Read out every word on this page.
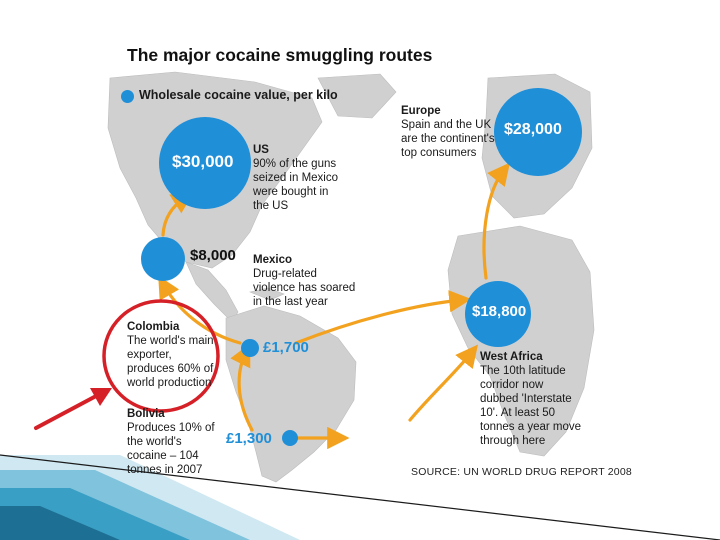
The major cocaine smuggling routes
Wholesale cocaine value, per kilo
$30,000
$18,800
$28,000
$8,000
£1,700
£1,300
US
90% of the guns
seized in Mexico
were bought in
the US
Mexico
Drug-related
violence has soared
in the last year
Colombia
The world's main
exporter,
produces 60% of
world production
Bolivia
Produces 10% of
the world's
cocaine – 104
tonnes in 2007
West Africa
The 10th latitude
corridor now
dubbed 'Interstate
10'. At least 50
tonnes a year move
through here
Europe
Spain and the UK
are the continent's
top consumers
SOURCE: UN WORLD DRUG REPORT 2008
